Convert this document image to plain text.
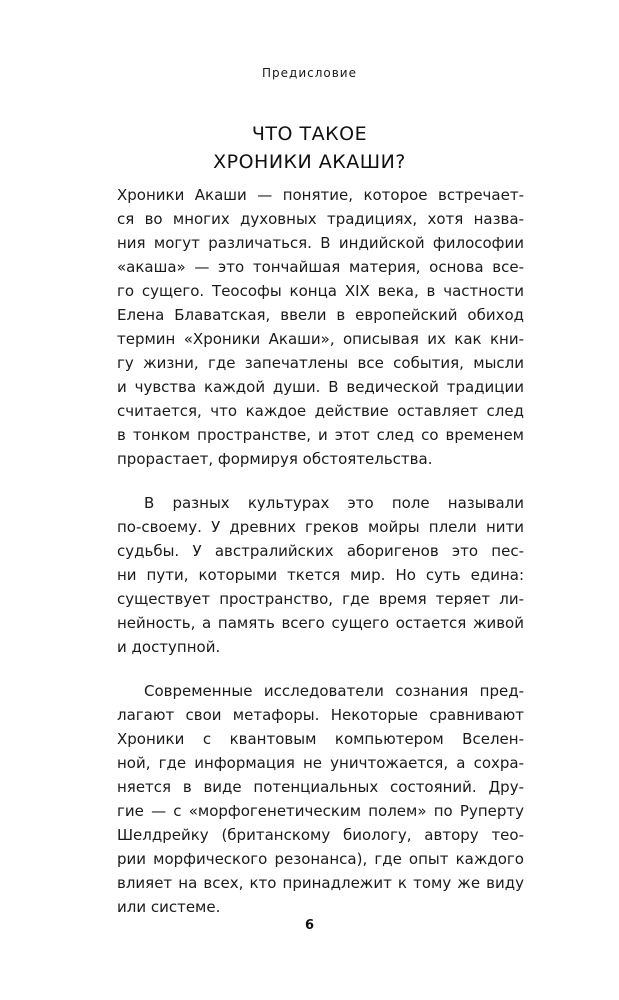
Предисловие
ЧТО ТАКОЕ
ХРОНИКИ АКАШИ?
Хроники Акаши — понятие, которое встречает-
ся во многих духовных традициях, хотя назва-
ния могут различаться. В индийской философии
«акаша» — это тончайшая материя, основа все-
го сущего. Теософы конца XIX века, в частности
Елена Блаватская, ввели в европейский обиход
термин «Хроники Акаши», описывая их как кни-
гу жизни, где запечатлены все события, мысли
и чувства каждой души. В ведической традиции
считается, что каждое действие оставляет след
в тонком пространстве, и этот след со временем
прорастает, формируя обстоятельства.
В разных культурах это поле называли
по-своему. У древних греков мойры плели нити
судьбы. У австралийских аборигенов это пес-
ни пути, которыми ткется мир. Но суть едина:
существует пространство, где время теряет ли-
нейность, а память всего сущего остается живой
и доступной.
Современные исследователи сознания пред-
лагают свои метафоры. Некоторые сравнивают
Хроники с квантовым компьютером Вселен-
ной, где информация не уничтожается, а сохра-
няется в виде потенциальных состояний. Дру-
гие — с «морфогенетическим полем» по Руперту
Шелдрейку (британскому биологу, автору тео-
рии морфического резонанса), где опыт каждого
влияет на всех, кто принадлежит к тому же виду
или системе.
6
